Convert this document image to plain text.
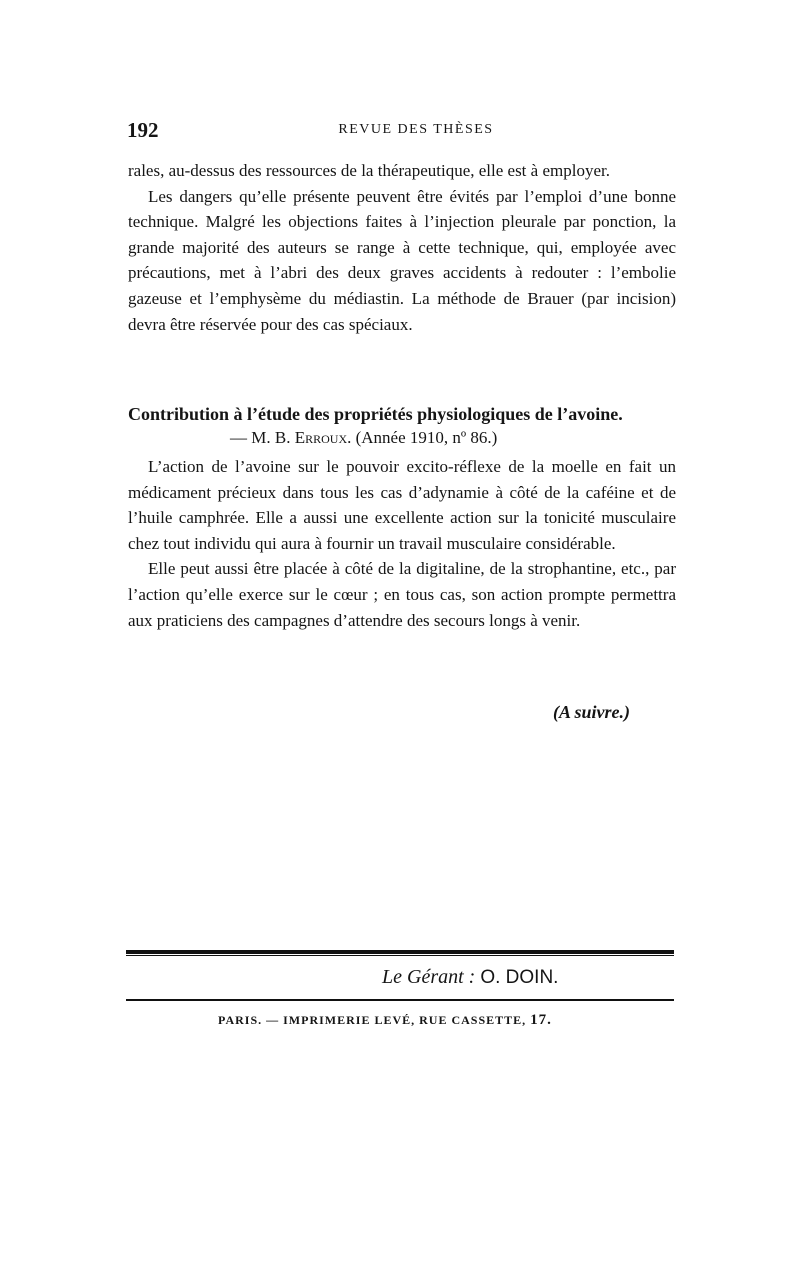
192	REVUE DES THÈSES

rales, au-dessus des ressources de la thérapeutique, elle est à employer.

Les dangers qu’elle présente peuvent être évités par l’emploi d’une bonne technique. Malgré les objections faites à l’injection pleurale par ponction, la grande majorité des auteurs se range à cette technique, qui, employée avec précautions, met à l’abri des deux graves accidents à redouter : l’embolie gazeuse et l’emphysème du médiastin. La méthode de Brauer (par incision) devra être réservée pour des cas spéciaux.

Contribution à l’étude des propriétés physiologiques de l’avoine.
— M. B. Erroux. (Année 1910, nº 86.)

L’action de l’avoine sur le pouvoir excito-réflexe de la moelle en fait un médicament précieux dans tous les cas d’adynamie à côté de la caféine et de l’huile camphrée. Elle a aussi une excellente action sur la tonicité musculaire chez tout individu qui aura à fournir un travail musculaire considérable.

Elle peut aussi être placée à côté de la digitaline, de la strophantine, etc., par l’action qu’elle exerce sur le cœur ; en tous cas, son action prompte permettra aux praticiens des campagnes d’attendre des secours longs à venir.

(A suivre.)
Le Gérant : O. DOIN.
PARIS. — IMPRIMERIE LEVÉ, RUE CASSETTE, 17.
